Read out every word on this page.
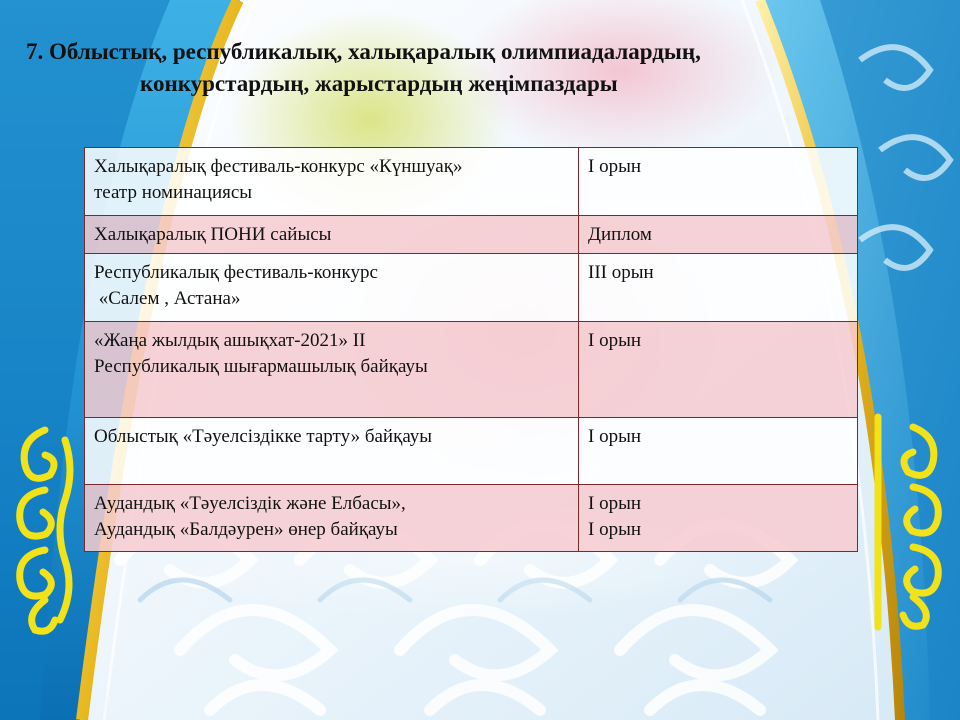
7. Облыстық, республикалық, халықаралық олимпиадалардың,
конкурстардың, жарыстардың жеңімпаздары
Халықаралық фестиваль-конкурс «Күншуақ»
театр номинациясы	І орын

Халықаралық ПОНИ сайысы	Диплом

Республикалық фестиваль-конкурс
«Салем , Астана»	ІІІ орын

«Жаңа жылдық ашықхат-2021» ІІ
Республикалық шығармашылық байқауы	І орын

Облыстық «Тәуелсіздікке тарту» байқауы	І орын

Аудандық «Тәуелсіздік және Елбасы»,
Аудандық «Балдәурен» өнер байқауы	І орын
І орын
